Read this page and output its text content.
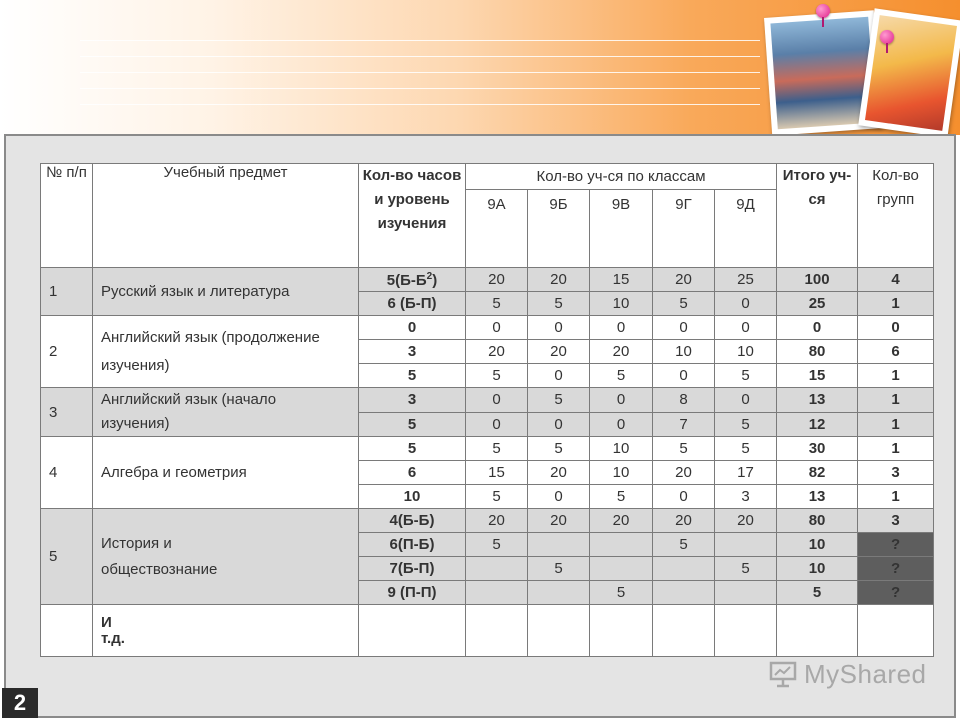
№ п/п	Учебный предмет	Кол-во часов и уровень изучения	Кол-во уч-ся по классам					Итого уч-ся	Кол-во групп
			9А	9Б	9В	9Г	9Д		
1	Русский язык и литература	$5(Б-Б^2)$	20	20	15	20	25	100	4
		6 (Б-П)	5	5	10	5	0	25	1
2	Английский язык (продолжение изучения)	0	0	0	0	0	0	0	0
		3	20	20	20	10	10	80	6
		5	5	0	5	0	5	15	1
3	Английский язык (начало изучения)	3	0	5	0	8	0	13	1
		5	0	0	0	7	5	12	1
4	Алгебра и геометрия	5	5	5	10	5	5	30	1
		6	15	20	10	20	17	82	3
		10	5	0	5	0	3	13	1
5	История и обществознание	4(Б-Б)	20	20	20	20	20	80	3
		6(П-Б)	5			5		10	?
		7(Б-П)		5			5	10	?
		9 (П-П)			5			5	?
	И т.д.								
2
MyShared
